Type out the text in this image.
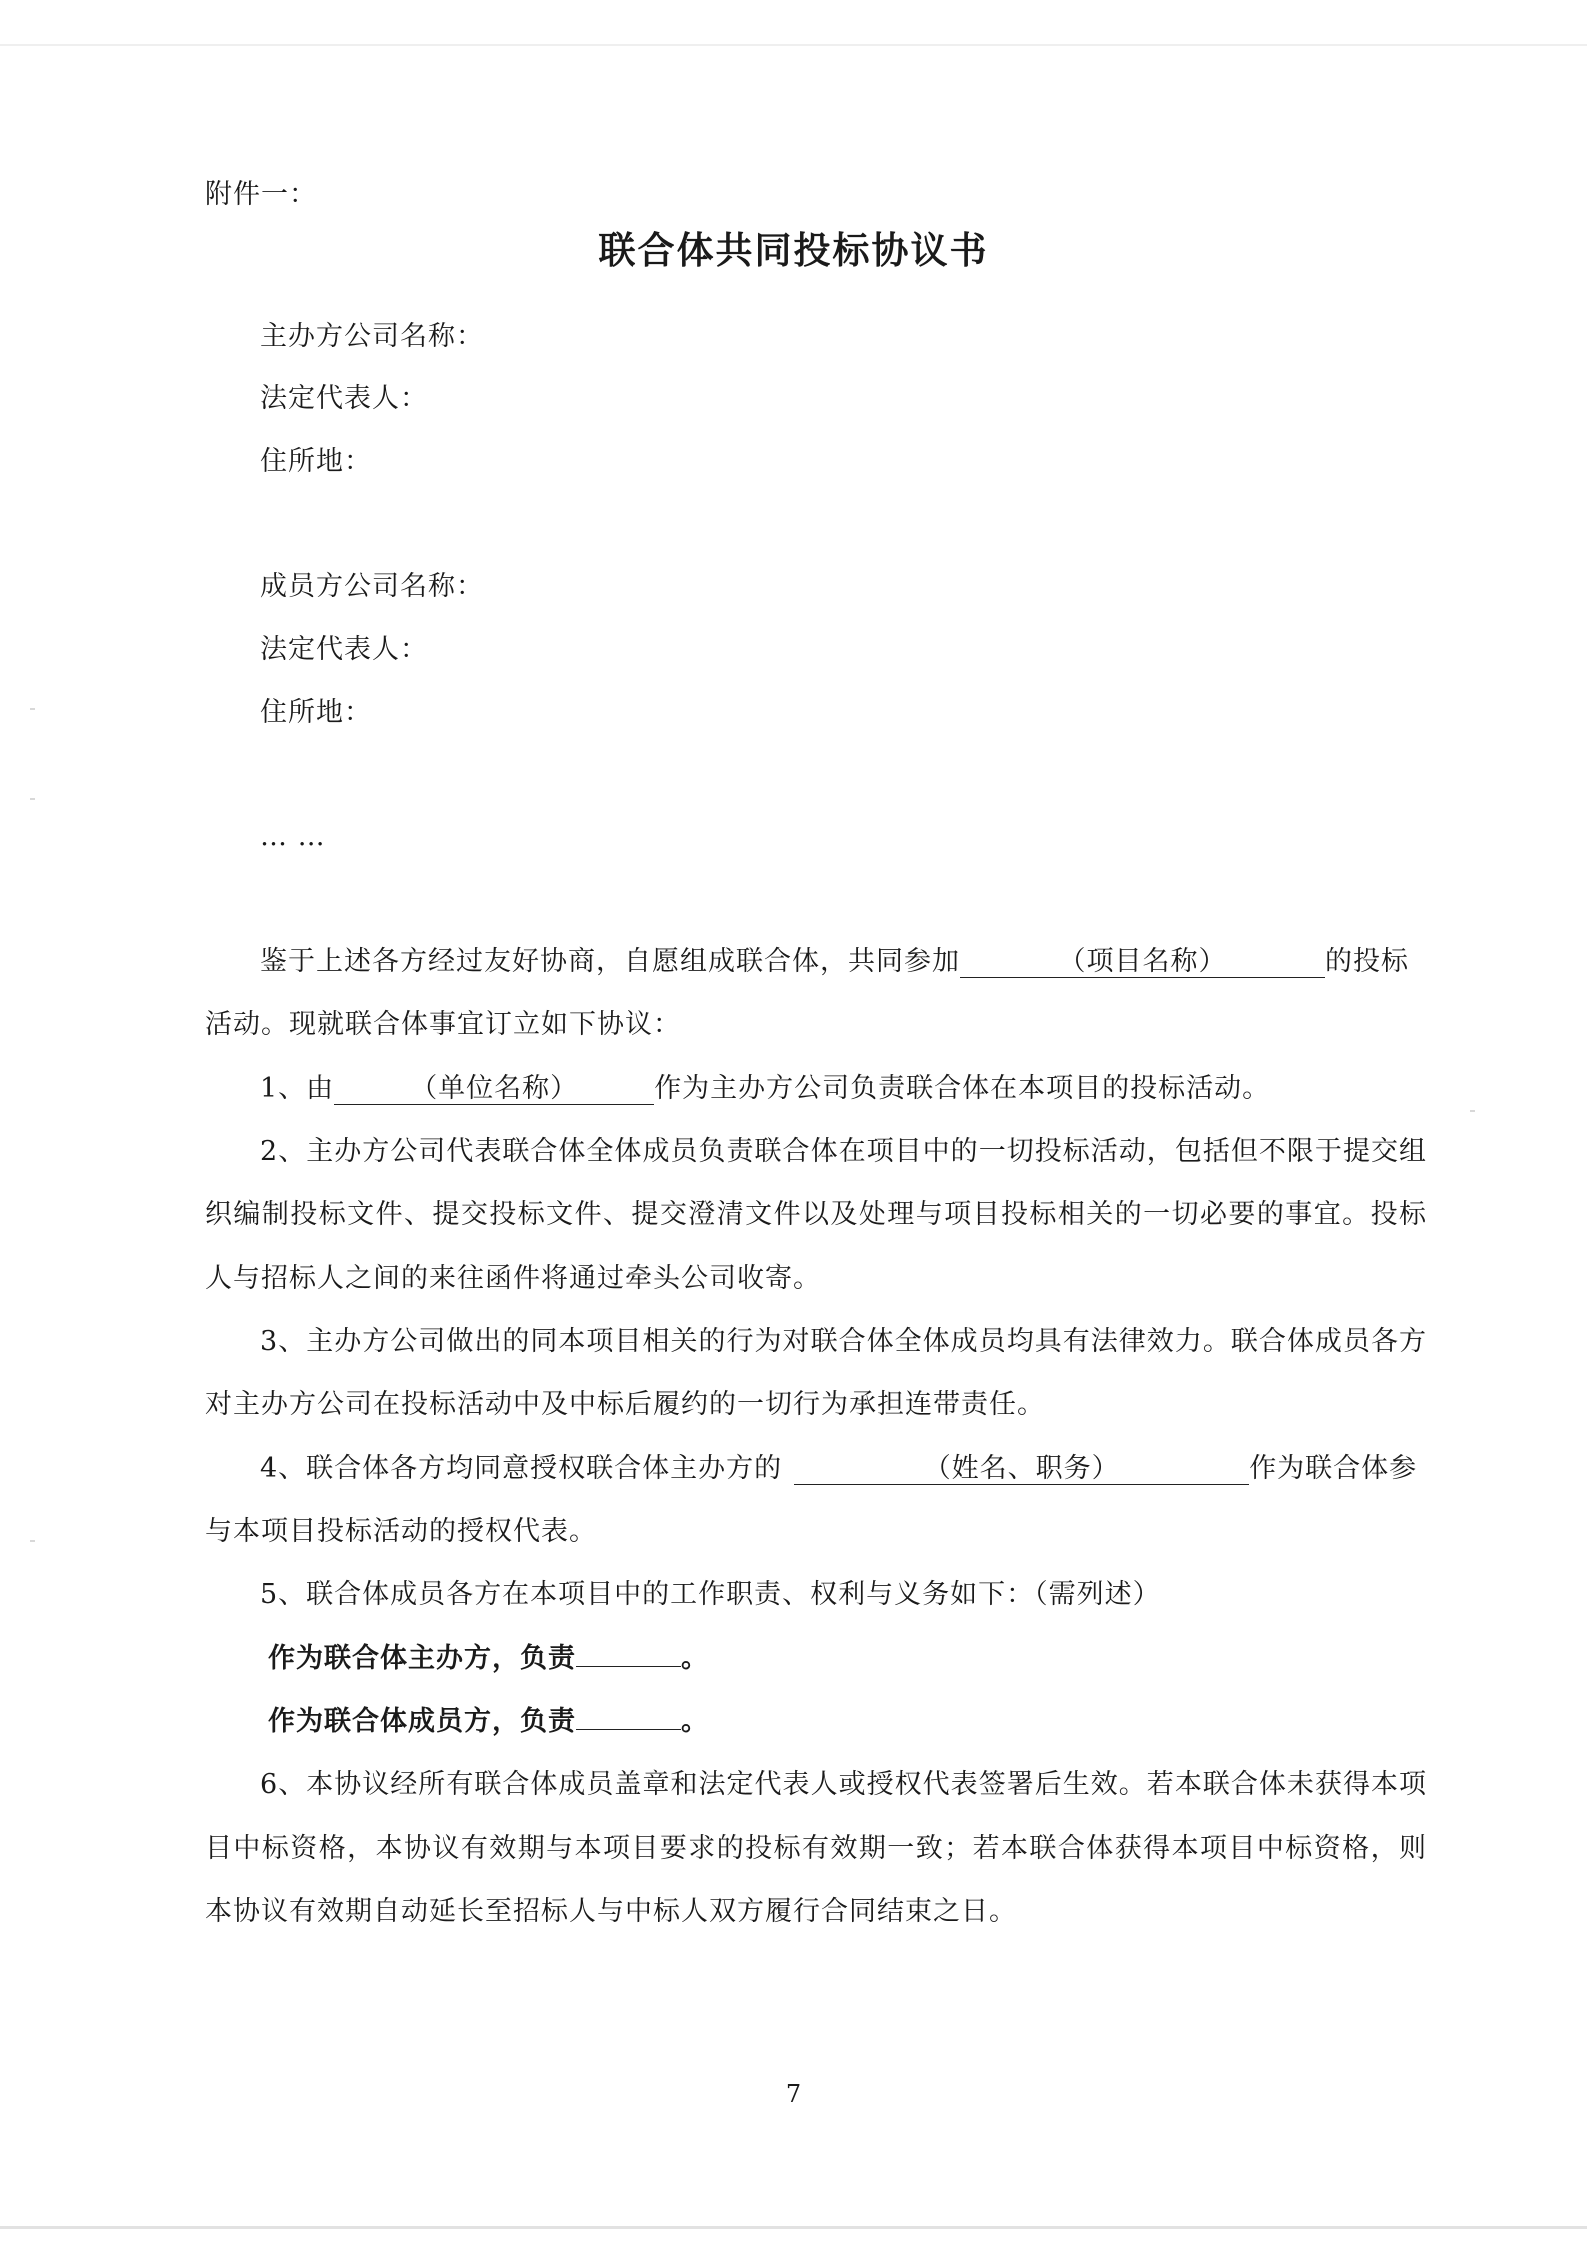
附件一：
联合体共同投标协议书
主办方公司名称：
法定代表人：
住所地：
成员方公司名称：
法定代表人：
住所地：
… …
鉴于上述各方经过友好协商，自愿组成联合体，共同参加	（项目名称）	的投标
活动。现就联合体事宜订立如下协议：
1、由	（单位名称）	作为主办方公司负责联合体在本项目的投标活动。
2、主办方公司代表联合体全体成员负责联合体在项目中的一切投标活动，包括但不限于提交组
织编制投标文件、提交投标文件、提交澄清文件以及处理与项目投标相关的一切必要的事宜。投标
人与招标人之间的来往函件将通过牵头公司收寄。
3、主办方公司做出的同本项目相关的行为对联合体全体成员均具有法律效力。联合体成员各方
对主办方公司在投标活动中及中标后履约的一切行为承担连带责任。
4、联合体各方均同意授权联合体主办方的	（姓名、职务）	作为联合体参
与本项目投标活动的授权代表。
5、联合体成员各方在本项目中的工作职责、权利与义务如下：（需列述）
作为联合体主办方，负责	。
作为联合体成员方，负责	。
6、本协议经所有联合体成员盖章和法定代表人或授权代表签署后生效。若本联合体未获得本项
目中标资格，本协议有效期与本项目要求的投标有效期一致；若本联合体获得本项目中标资格，则
本协议有效期自动延长至招标人与中标人双方履行合同结束之日。
7
